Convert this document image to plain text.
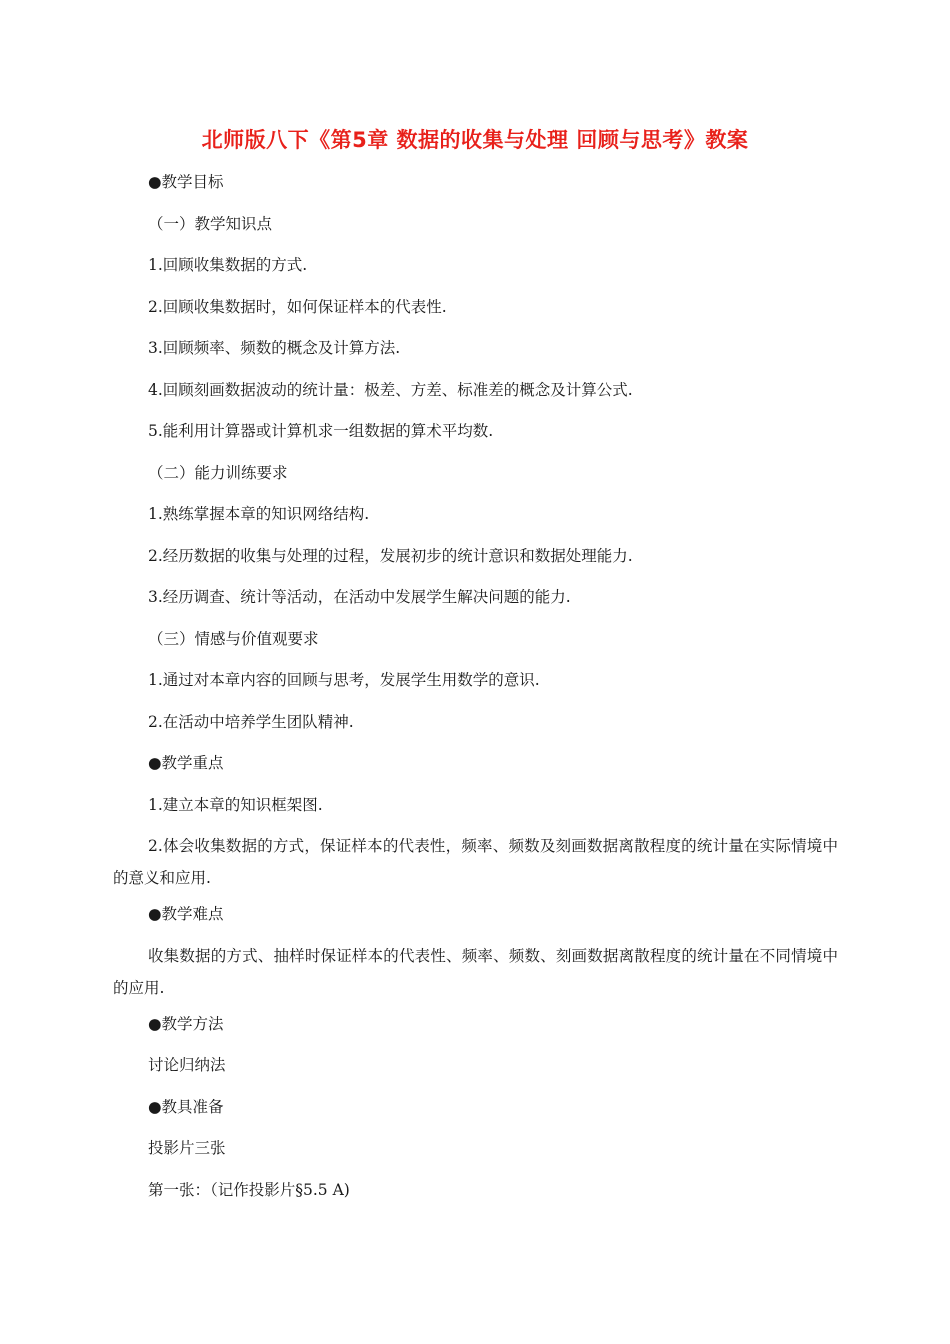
北师版八下《第5章 数据的收集与处理 回顾与思考》教案
●教学目标
（一）教学知识点
1.回顾收集数据的方式.
2.回顾收集数据时，如何保证样本的代表性.
3.回顾频率、频数的概念及计算方法.
4.回顾刻画数据波动的统计量：极差、方差、标准差的概念及计算公式.
5.能利用计算器或计算机求一组数据的算术平均数.
（二）能力训练要求
1.熟练掌握本章的知识网络结构.
2.经历数据的收集与处理的过程，发展初步的统计意识和数据处理能力.
3.经历调查、统计等活动，在活动中发展学生解决问题的能力.
（三）情感与价值观要求
1.通过对本章内容的回顾与思考，发展学生用数学的意识.
2.在活动中培养学生团队精神.
●教学重点
1.建立本章的知识框架图.
2.体会收集数据的方式，保证样本的代表性，频率、频数及刻画数据离散程度的统计量在实际情境中的意义和应用.
●教学难点
收集数据的方式、抽样时保证样本的代表性、频率、频数、刻画数据离散程度的统计量在不同情境中的应用.
●教学方法
讨论归纳法
●教具准备
投影片三张
第一张：（记作投影片§5.5 A)
